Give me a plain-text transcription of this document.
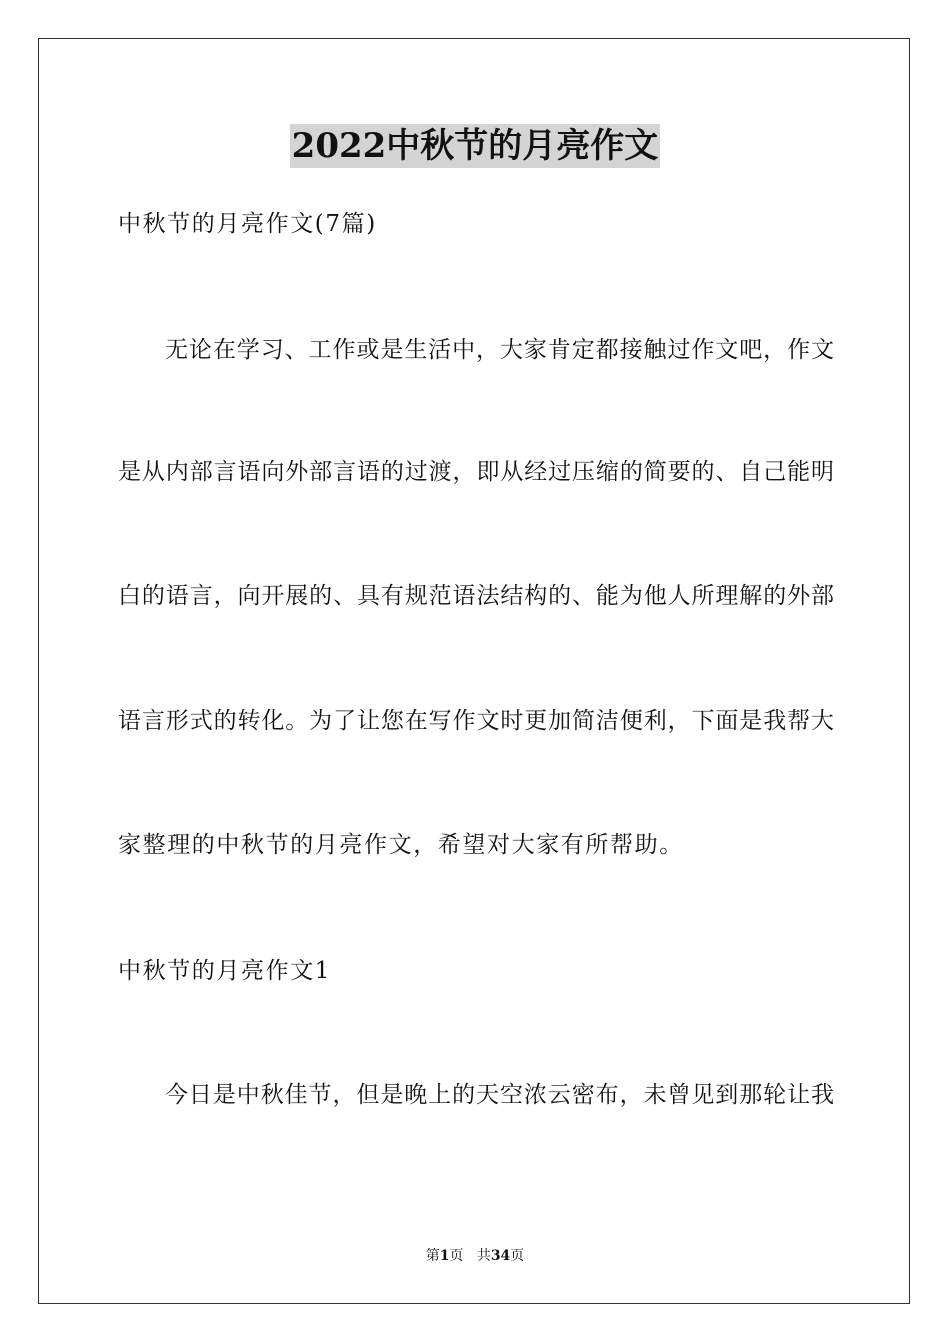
2022中秋节的月亮作文
中秋节的月亮作文(7篇)
无论在学习、工作或是生活中，大家肯定都接触过作文吧，作文
是从内部言语向外部言语的过渡，即从经过压缩的简要的、自己能明
白的语言，向开展的、具有规范语法结构的、能为他人所理解的外部
语言形式的转化。为了让您在写作文时更加简洁便利，下面是我帮大
家整理的中秋节的月亮作文，希望对大家有所帮助。
中秋节的月亮作文1
今日是中秋佳节，但是晚上的天空浓云密布，未曾见到那轮让我
第1页 共34页
